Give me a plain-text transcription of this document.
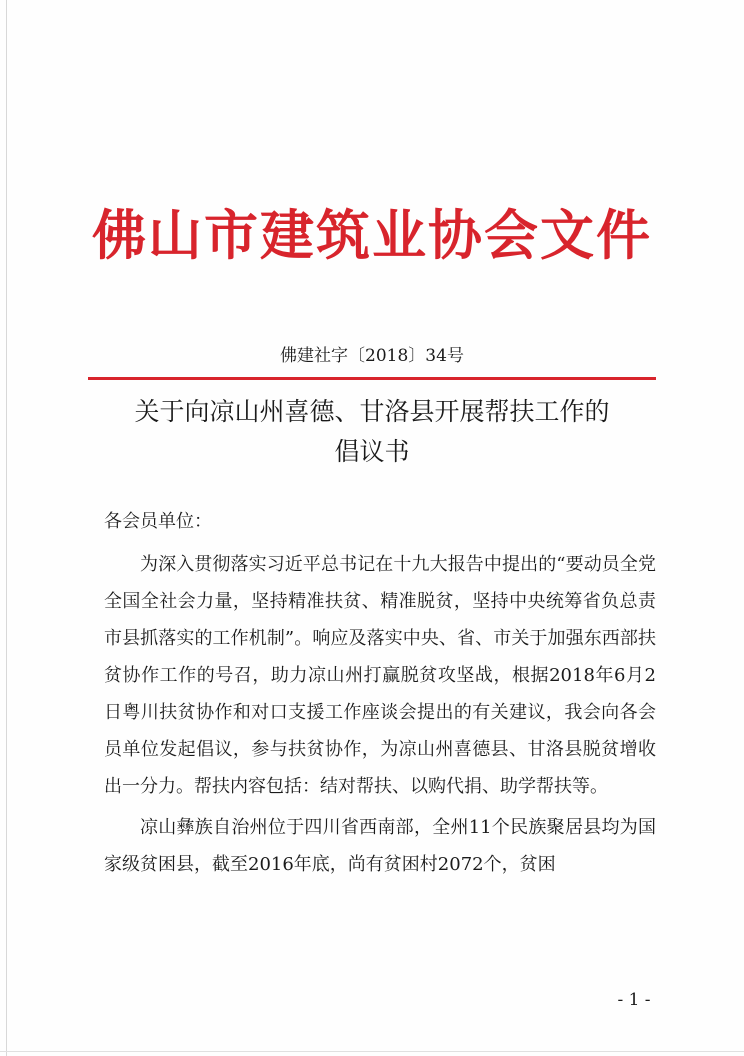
佛山市建筑业协会文件
佛建社字〔2018〕34号
关于向凉山州喜德、甘洛县开展帮扶工作的
倡议书
各会员单位：

为深入贯彻落实习近平总书记在十九大报告中提出的“要动员全党全国全社会力量，坚持精准扶贫、精准脱贫，坚持中央统筹省负总责市县抓落实的工作机制”。响应及落实中央、省、市关于加强东西部扶贫协作工作的号召，助力凉山州打赢脱贫攻坚战，根据2018年6月2日粤川扶贫协作和对口支援工作座谈会提出的有关建议，我会向各会员单位发起倡议，参与扶贫协作，为凉山州喜德县、甘洛县脱贫增收出一分力。帮扶内容包括：结对帮扶、以购代捐、助学帮扶等。

凉山彝族自治州位于四川省西南部，全州11个民族聚居县均为国家级贫困县，截至2016年底，尚有贫困村2072个，贫困

- 1 -
